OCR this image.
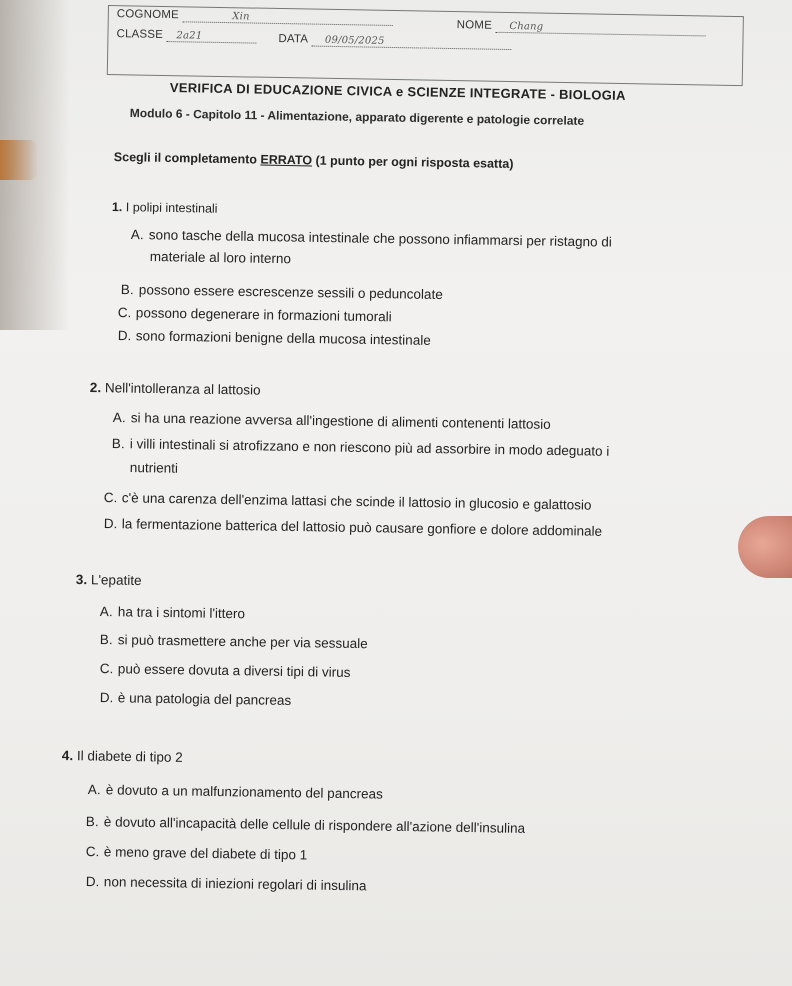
COGNOME	Xin
NOME Chang
CLASSE 2a21	DATA 09/05/2025
VERIFICA DI EDUCAZIONE CIVICA e SCIENZE INTEGRATE - BIOLOGIA
Modulo 6 - Capitolo 11 - Alimentazione, apparato digerente e patologie correlate
Scegli il completamento ERRATO (1 punto per ogni risposta esatta)
1. I polipi intestinali
A. sono tasche della mucosa intestinale che possono infiammarsi per ristagno di
materiale al loro interno
B. possono essere escrescenze sessili o peduncolate
C. possono degenerare in formazioni tumorali
D. sono formazioni benigne della mucosa intestinale
2. Nell'intolleranza al lattosio
A. si ha una reazione avversa all'ingestione di alimenti contenenti lattosio
B. i villi intestinali si atrofizzano e non riescono più ad assorbire in modo adeguato i
nutrienti
C. c'è una carenza dell'enzima lattasi che scinde il lattosio in glucosio e galattosio
D. la fermentazione batterica del lattosio può causare gonfiore e dolore addominale
3. L'epatite
A. ha tra i sintomi l'ittero
B. si può trasmettere anche per via sessuale
C. può essere dovuta a diversi tipi di virus
D. è una patologia del pancreas
4. Il diabete di tipo 2
A. è dovuto a un malfunzionamento del pancreas
B. è dovuto all'incapacità delle cellule di rispondere all'azione dell'insulina
C. è meno grave del diabete di tipo 1
D. non necessita di iniezioni regolari di insulina
